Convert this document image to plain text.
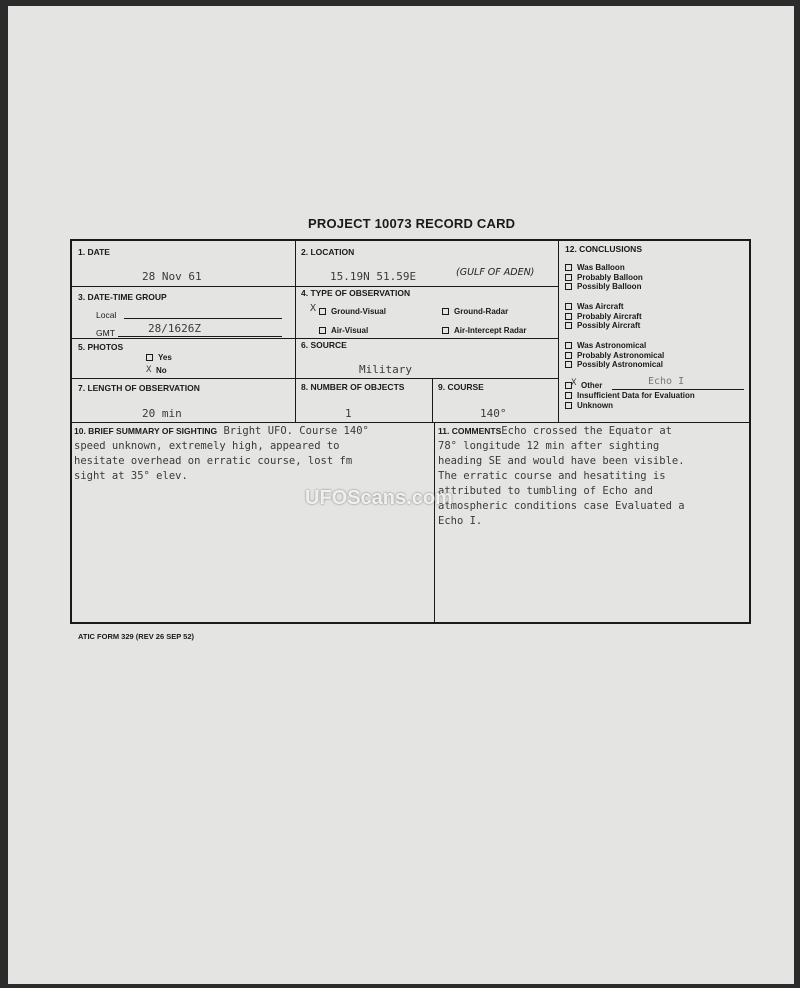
PROJECT 10073 RECORD CARD
1. DATE
28 Nov 61
2. LOCATION
15.19N 51.59E	(GULF OF ADEN)
3. DATE-TIME GROUP
Local
GMT	28/1626Z
4. TYPE OF OBSERVATION
X	Ground-Visual	Ground-Radar
Air-Visual	Air-Intercept Radar
5. PHOTOS
Yes
X No
6. SOURCE
Military
7. LENGTH OF OBSERVATION
20 min
8. NUMBER OF OBJECTS
1
9. COURSE
140°
12. CONCLUSIONS
Was Balloon
Probably Balloon
Possibly Balloon
Was Aircraft
Probably Aircraft
Possibly Aircraft
Was Astronomical
Probably Astronomical
Possibly Astronomical
X Other	Echo I
Insufficient Data for Evaluation
Unknown
10. BRIEF SUMMARY OF SIGHTING Bright UFO. Course 140°
speed unknown, extremely high, appeared to
hesitate overhead on erratic course, lost fm
sight at 35° elev.
11. COMMENTSEcho crossed the Equator at
78° longitude 12 min after sighting
heading SE and would have been visible.
The erratic course and hesatiting is
attributed to tumbling of Echo and
atmospheric conditions case Evaluated a
Echo I.
UFOScans.com
ATIC FORM 329 (REV 26 SEP 52)
